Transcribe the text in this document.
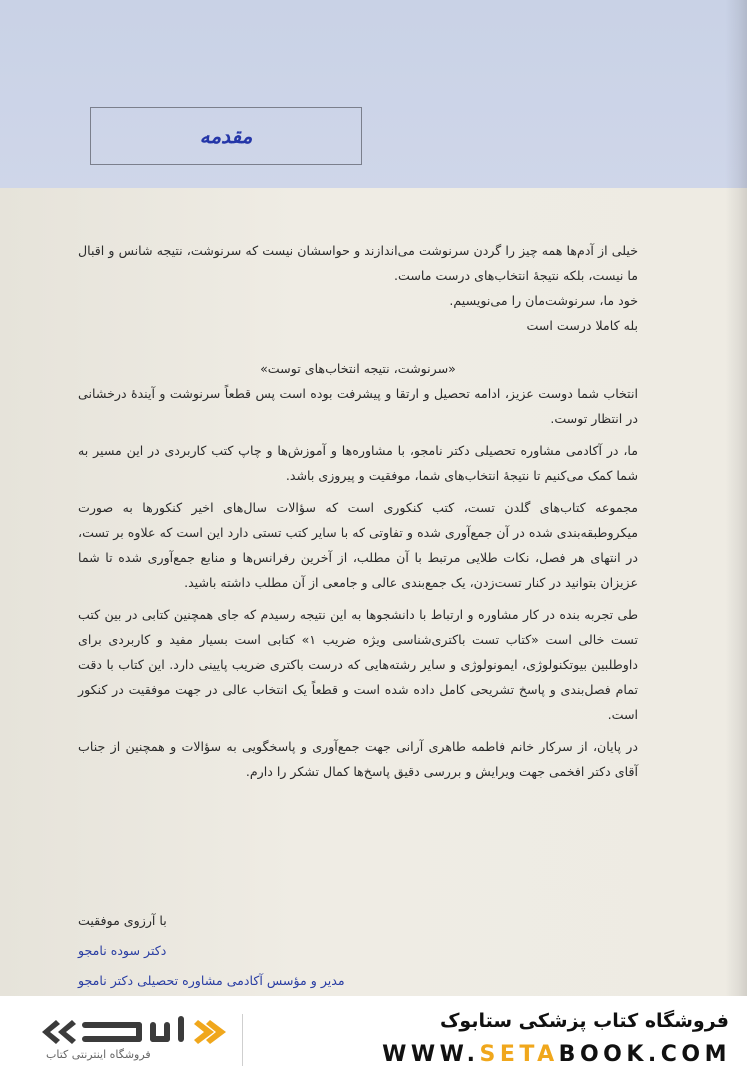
مقدمه

خیلی از آدم‌ها همه چیز را گردن سرنوشت می‌اندازند و حواسشان نیست که سرنوشت، نتیجه شانس و اقبال ما نیست، بلکه نتیجهٔ انتخاب‌های درست ماست.

خود ما، سرنوشت‌مان را می‌نویسیم.

بله کاملا درست است

«سرنوشت، نتیجه انتخاب‌های توست»

انتخاب شما دوست عزیز، ادامه تحصیل و ارتقا و پیشرفت بوده است پس قطعاً سرنوشت و آیندهٔ درخشانی در انتظار توست.

ما، در آکادمی مشاوره تحصیلی دکتر نامجو، با مشاوره‌ها و آموزش‌ها و چاپ کتب کاربردی در این مسیر به شما کمک می‌کنیم تا نتیجهٔ انتخاب‌های شما، موفقیت و پیروزی باشد.

مجموعه کتاب‌های گلدن تست، کتب کنکوری است که سؤالات سال‌های اخیر کنکورها به صورت میکروطبقه‌بندی شده در آن جمع‌آوری شده و تفاوتی که با سایر کتب تستی دارد این است که علاوه بر تست، در انتهای هر فصل، نکات طلایی مرتبط با آن مطلب، از آخرین رفرانس‌ها و منابع جمع‌آوری شده تا شما عزیزان بتوانید در کنار تست‌زدن، یک جمع‌بندی عالی و جامعی از آن مطلب داشته باشید.

طی تجربه بنده در کار مشاوره و ارتباط با دانشجوها به این نتیجه رسیدم که جای همچنین کتابی در بین کتب تست خالی است «کتاب تست باکتری‌شناسی ویژه ضریب ۱» کتابی است بسیار مفید و کاربردی برای داوطلبین بیوتکنولوژی، ایمونولوژی و سایر رشته‌هایی که درست باکتری ضریب پایینی دارد. این کتاب با دقت تمام فصل‌بندی و پاسخ تشریحی کامل داده شده است و قطعاً یک انتخاب عالی در جهت موفقیت در کنکور است.

در پایان، از سرکار خانم فاطمه طاهری آرانی جهت جمع‌آوری و پاسخگویی به سؤالات و همچنین از جناب آقای دکتر افخمی جهت ویرایش و بررسی دقیق پاسخ‌ها کمال تشکر را دارم.

با آرزوی موفقیت
دکتر سوده نامجو
مدیر و مؤسس آکادمی مشاوره تحصیلی دکتر نامجو
فروشگاه اینترنتی کتاب
فروشگاه کتاب پزشکی ستابوک
WWW.SETABOOK.COM
